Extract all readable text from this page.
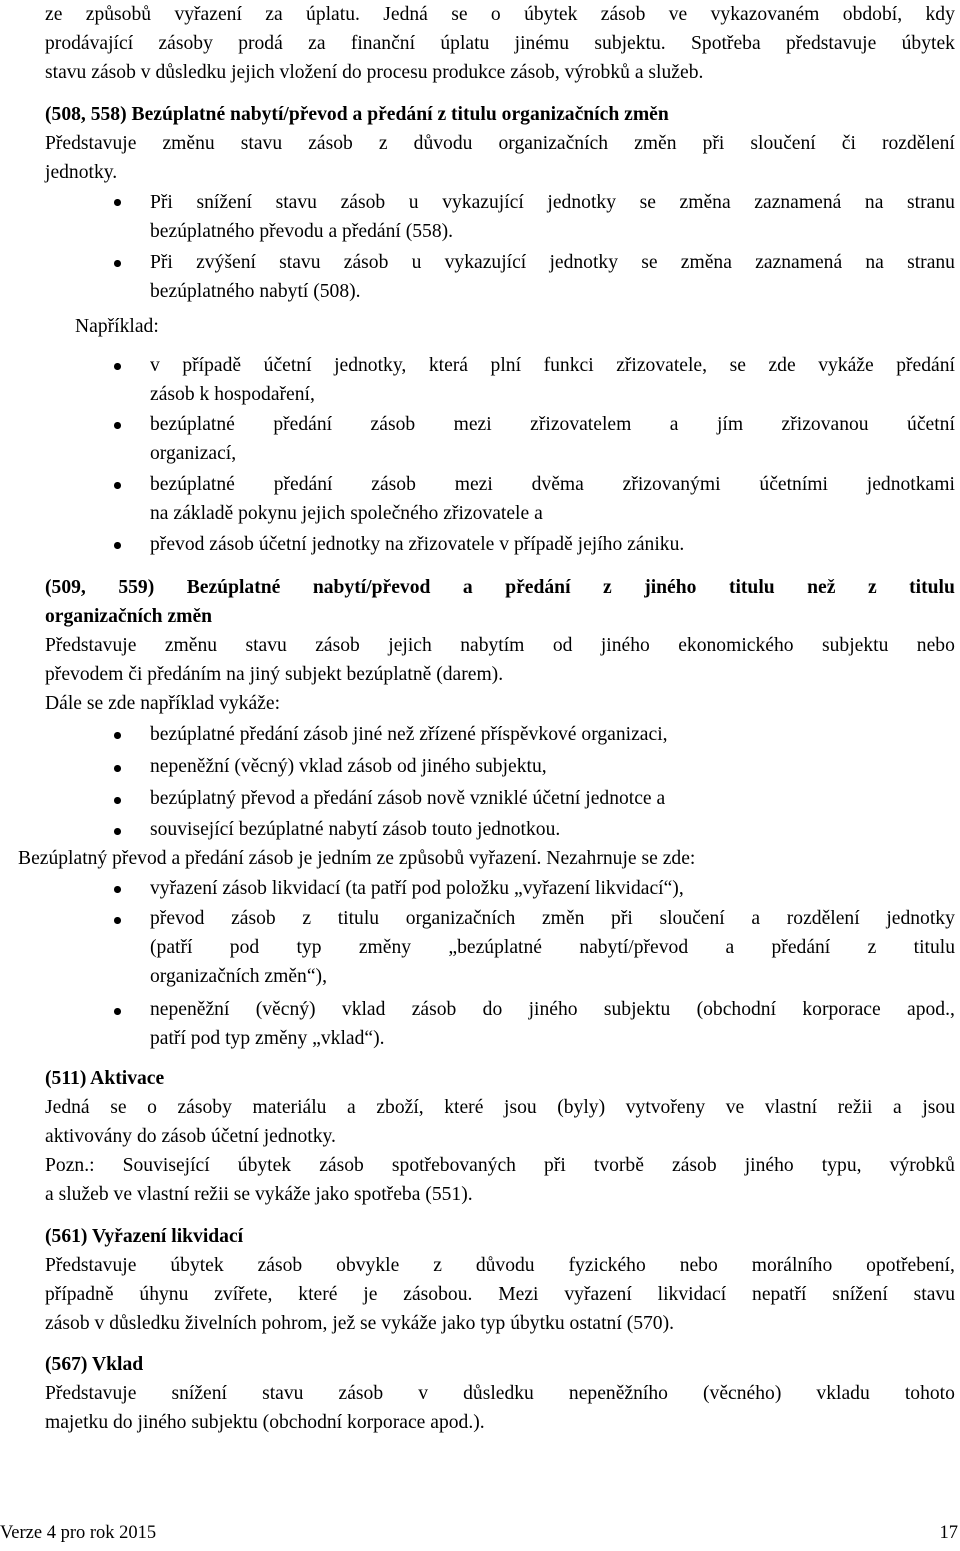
ze způsobů vyřazení za úplatu. Jedná se o úbytek zásob ve vykazovaném období, kdy
prodávající zásoby prodá za finanční úplatu jinému subjektu. Spotřeba představuje úbytek
stavu zásob v důsledku jejich vložení do procesu produkce zásob, výrobků a služeb.
(508, 558) Bezúplatné nabytí/převod a předání z titulu organizačních změn
Představuje změnu stavu zásob z důvodu organizačních změn při sloučení či rozdělení
jednotky.
Při snížení stavu zásob u vykazující jednotky se změna zaznamená na stranu
bezúplatného převodu a předání (558).
Při zvýšení stavu zásob u vykazující jednotky se změna zaznamená na stranu
bezúplatného nabytí (508).
Například:
v případě účetní jednotky, která plní funkci zřizovatele, se zde vykáže předání
zásob k hospodaření,
bezúplatné předání zásob mezi zřizovatelem a jím zřizovanou účetní
organizací,
bezúplatné předání zásob mezi dvěma zřizovanými účetními jednotkami
na základě pokynu jejich společného zřizovatele a
převod zásob účetní jednotky na zřizovatele v případě jejího zániku.
(509, 559) Bezúplatné nabytí/převod a předání z jiného titulu než z titulu
organizačních změn
Představuje změnu stavu zásob jejich nabytím od jiného ekonomického subjektu nebo
převodem či předáním na jiný subjekt bezúplatně (darem).
Dále se zde například vykáže:
bezúplatné předání zásob jiné než zřízené příspěvkové organizaci,
nepeněžní (věcný) vklad zásob od jiného subjektu,
bezúplatný převod a předání zásob nově vzniklé účetní jednotce a
související bezúplatné nabytí zásob touto jednotkou.
Bezúplatný převod a předání zásob je jedním ze způsobů vyřazení. Nezahrnuje se zde:
vyřazení zásob likvidací (ta patří pod položku „vyřazení likvidací“),
převod zásob z titulu organizačních změn při sloučení a rozdělení jednotky
(patří pod typ změny „bezúplatné nabytí/převod a předání z titulu
organizačních změn“),
nepeněžní (věcný) vklad zásob do jiného subjektu (obchodní korporace apod.,
patří pod typ změny „vklad“).
(511) Aktivace
Jedná se o zásoby materiálu a zboží, které jsou (byly) vytvořeny ve vlastní režii a jsou
aktivovány do zásob účetní jednotky.
Pozn.: Související úbytek zásob spotřebovaných při tvorbě zásob jiného typu, výrobků
a služeb ve vlastní režii se vykáže jako spotřeba (551).
(561) Vyřazení likvidací
Představuje úbytek zásob obvykle z důvodu fyzického nebo morálního opotřebení,
případně úhynu zvířete, které je zásobou. Mezi vyřazení likvidací nepatří snížení stavu
zásob v důsledku živelních pohrom, jež se vykáže jako typ úbytku ostatní (570).
(567) Vklad
Představuje snížení stavu zásob v důsledku nepeněžního (věcného) vkladu tohoto
majetku do jiného subjektu (obchodní korporace apod.).
Verze 4 pro rok 2015	17
